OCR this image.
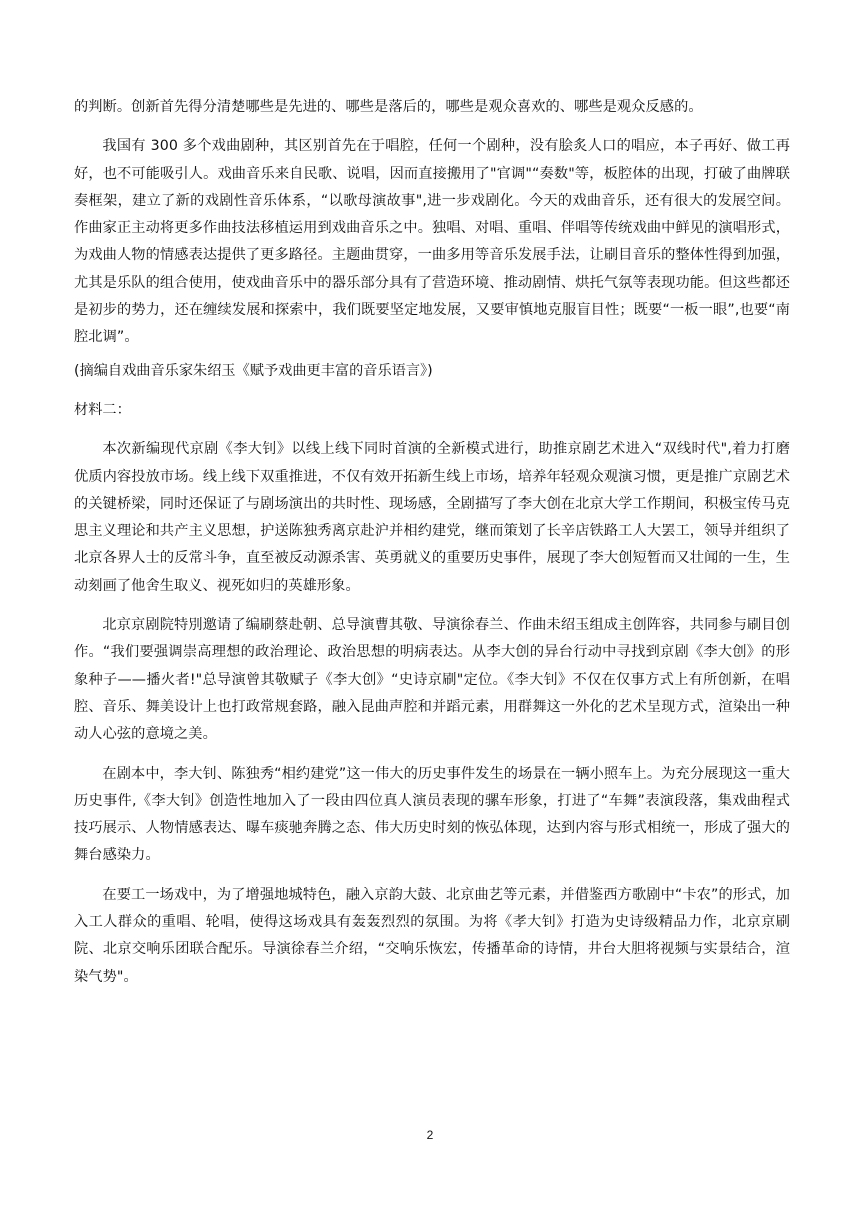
的判断。创新首先得分清楚哪些是先进的、哪些是落后的，哪些是观众喜欢的、哪些是观众反感的。

我国有 300 多个戏曲剧种，其区别首先在于唱腔，任何一个剧种，没有脍炙人口的唱应，本子再好、做工再好，也不可能吸引人。戏曲音乐来自民歌、说唱，因而直接搬用了"官调"“奏数"等，板腔体的出现，打破了曲牌联奏框架，建立了新的戏剧性音乐体系，“以歌母演故事",进一步戏剧化。今天的戏曲音乐，还有很大的发展空间。作曲家正主动将更多作曲技法移植运用到戏曲音乐之中。独唱、对唱、重唱、伴唱等传统戏曲中鲜见的演唱形式，为戏曲人物的情感表达提供了更多路径。主题曲贯穿，一曲多用等音乐发展手法，让刷目音乐的整体性得到加强，尤其是乐队的组合使用，使戏曲音乐中的器乐部分具有了营造环境、推动剧情、烘托气氛等表现功能。但这些都还是初步的势力，还在缠续发展和探索中，我们既要坚定地发展，又要审慎地克服盲目性；既要“一板一眼”,也要“南腔北调”。

(摘编自戏曲音乐家朱绍玉《赋予戏曲更丰富的音乐语言》)

材料二：

本次新编现代京剧《李大钊》以线上线下同时首演的全新模式进行，助推京剧艺术进入“双线时代",着力打磨优质内容投放市场。线上线下双重推进，不仅有效开拓新生线上市场，培养年轻观众观演习惯，更是推广京剧艺术的关键桥梁，同时还保证了与剧场演出的共时性、现场感，全剧描写了李大创在北京大学工作期间，积极宝传马克思主义理论和共产主义思想，护送陈独秀离京赴沪并相约建党，继而策划了长辛店铁路工人大罢工，领导并组织了北京各界人士的反常斗争，直至被反动源杀害、英勇就义的重要历史事件，展现了李大创短暂而又壮闻的一生，生动刻画了他舍生取义、视死如归的英雄形象。

北京京剧院特別邀请了编刷蔡赴朝、总导演曹其敬、导演徐春兰、作曲未绍玉组成主创阵容，共同参与刷目创作。“我们要强调崇高理想的政治理论、政治思想的明病表达。从李大创的异台行动中寻找到京剧《李大创》的形象种子——播火者!"总导演曾其敬赋子《李大创》“史诗京刷"定位。《李大钊》不仅在仅事方式上有所创新，在唱腔、音乐、舞美设计上也打政常规套路，融入昆曲声腔和并蹈元素，用群舞这一外化的艺术呈现方式，渲染出一种动人心弦的意境之美。

在剧本中，李大钊、陈独秀“相约建党”这一伟大的历史事件发生的场景在一辆小照车上。为充分展现这一重大历史事件,《李大钊》创造性地加入了一段由四位真人演员表现的骡车形象，打进了“车舞”表演段落，集戏曲程式技巧展示、人物情感表达、曝车痰驰奔腾之态、伟大历史时刻的恢弘体现，达到内容与形式相统一，形成了强大的舞台感染力。

在要工一场戏中，为了增强地城特色，融入京韵大鼓、北京曲艺等元素，并借鉴西方歌剧中“卡农”的形式，加入工人群众的重唱、轮唱，使得这场戏具有轰轰烈烈的氛围。为将《孝大钊》打造为史诗级精品力作，北京京刷院、北京交响乐团联合配乐。导演徐春兰介绍，“交响乐恢宏，传播革命的诗情，井台大胆将视频与实景结合，渲染气势"。

2
